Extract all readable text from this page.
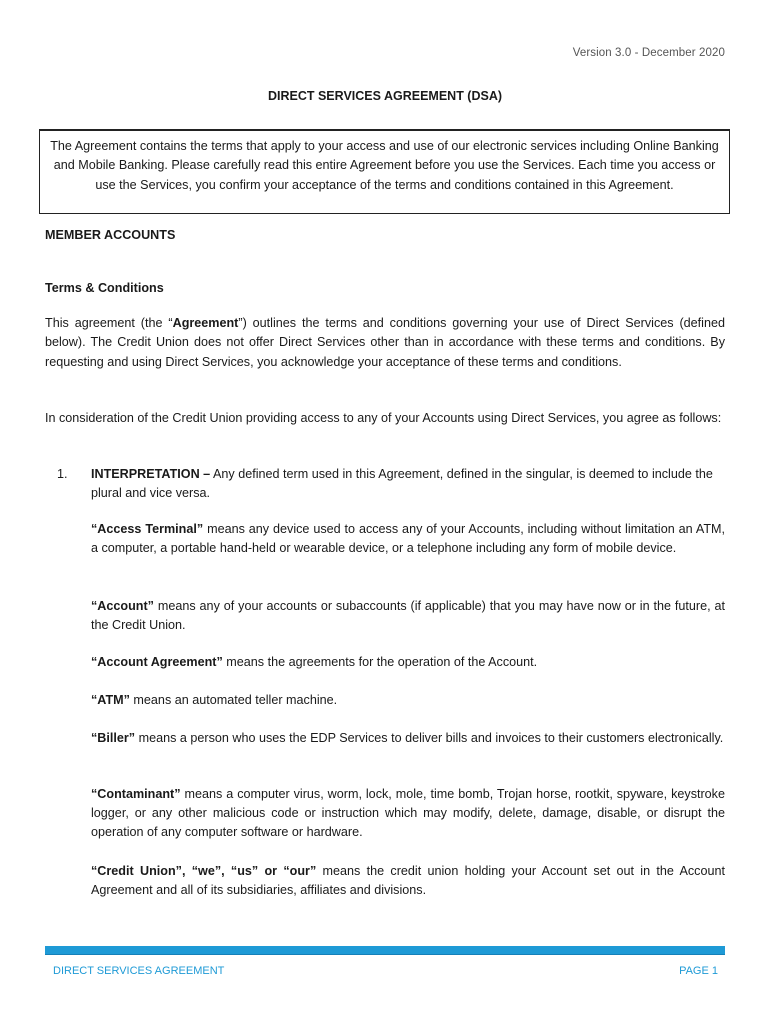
Version 3.0 - December 2020
DIRECT SERVICES AGREEMENT (DSA)
The Agreement contains the terms that apply to your access and use of our electronic services including Online Banking and Mobile Banking. Please carefully read this entire Agreement before you use the Services. Each time you access or use the Services, you confirm your acceptance of the terms and conditions contained in this Agreement.
MEMBER ACCOUNTS
Terms & Conditions
This agreement (the “Agreement”) outlines the terms and conditions governing your use of Direct Services (defined below). The Credit Union does not offer Direct Services other than in accordance with these terms and conditions. By requesting and using Direct Services, you acknowledge your acceptance of these terms and conditions.
In consideration of the Credit Union providing access to any of your Accounts using Direct Services, you agree as follows:
1. INTERPRETATION – Any defined term used in this Agreement, defined in the singular, is deemed to include the plural and vice versa.
“Access Terminal” means any device used to access any of your Accounts, including without limitation an ATM, a computer, a portable hand-held or wearable device, or a telephone including any form of mobile device.
“Account” means any of your accounts or subaccounts (if applicable) that you may have now or in the future, at the Credit Union.
“Account Agreement” means the agreements for the operation of the Account.
“ATM” means an automated teller machine.
“Biller” means a person who uses the EDP Services to deliver bills and invoices to their customers electronically.
“Contaminant” means a computer virus, worm, lock, mole, time bomb, Trojan horse, rootkit, spyware, keystroke logger, or any other malicious code or instruction which may modify, delete, damage, disable, or disrupt the operation of any computer software or hardware.
“Credit Union”, “we”, “us” or “our” means the credit union holding your Account set out in the Account Agreement and all of its subsidiaries, affiliates and divisions.
DIRECT SERVICES AGREEMENT	PAGE 1
